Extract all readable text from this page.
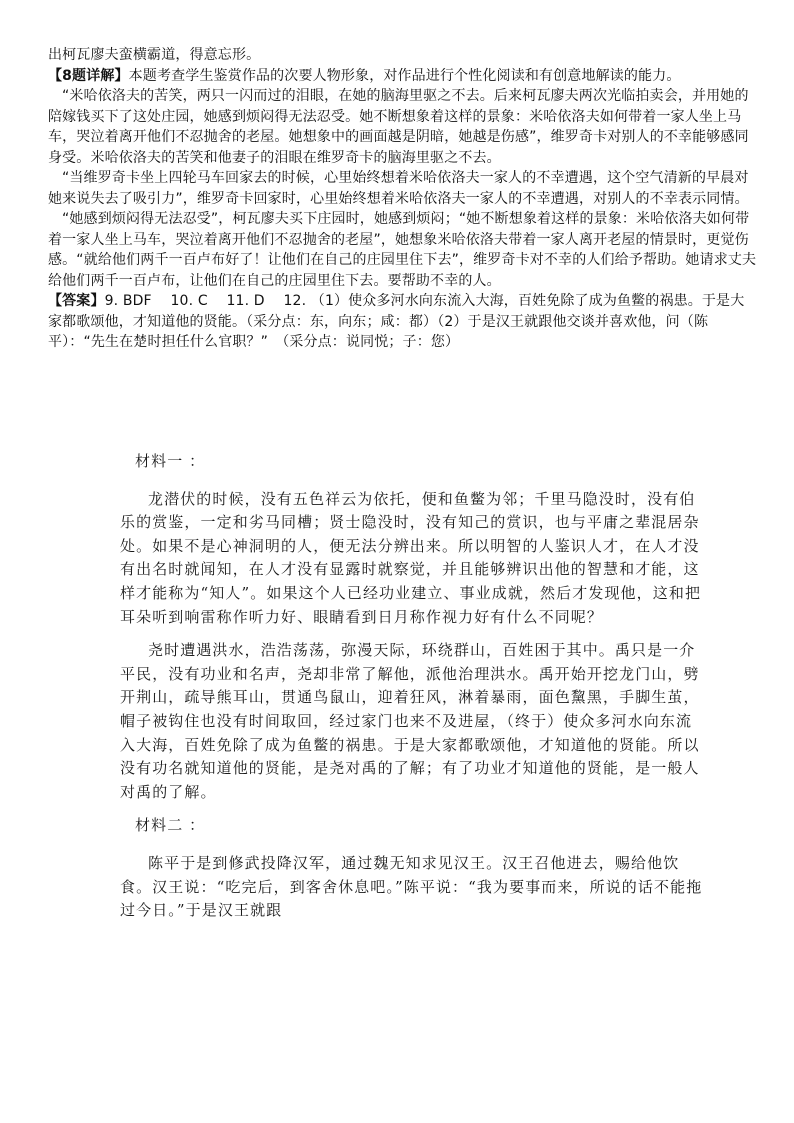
出柯瓦廖夫蛮横霸道，得意忘形。

【8题详解】本题考查学生鉴赏作品的次要人物形象，对作品进行个性化阅读和有创意地解读的能力。

“米哈依洛夫的苦笑，两只一闪而过的泪眼，在她的脑海里驱之不去。后来柯瓦廖夫两次光临拍卖会，并用她的陪嫁钱买下了这处庄园，她感到烦闷得无法忍受。她不断想象着这样的景象：米哈依洛夫如何带着一家人坐上马车，哭泣着离开他们不忍抛舍的老屋。她想象中的画面越是阴暗，她越是伤感”，维罗奇卡对别人的不幸能够感同身受。米哈依洛夫的苦笑和他妻子的泪眼在维罗奇卡的脑海里驱之不去。

“当维罗奇卡坐上四轮马车回家去的时候，心里始终想着米哈依洛夫一家人的不幸遭遇，这个空气清新的早晨对她来说失去了吸引力”，维罗奇卡回家时，心里始终想着米哈依洛夫一家人的不幸遭遇，对别人的不幸表示同情。

“她感到烦闷得无法忍受”，柯瓦廖夫买下庄园时，她感到烦闷；“她不断想象着这样的景象：米哈依洛夫如何带着一家人坐上马车，哭泣着离开他们不忍抛舍的老屋”，她想象米哈依洛夫带着一家人离开老屋的情景时，更觉伤感。“就给他们两千一百卢布好了！让他们在自己的庄园里住下去”，维罗奇卡对不幸的人们给予帮助。她请求丈夫给他们两千一百卢布，让他们在自己的庄园里住下去。要帮助不幸的人。

【答案】9. BDF　 10. C　 11. D　 12. （1）使众多河水向东流入大海，百姓免除了成为鱼鳖的祸患。于是大家都歌颂他，才知道他的贤能。（采分点：东，向东；咸：都）（2）于是汉王就跟他交谈并喜欢他，问（陈平）：“先生在楚时担任什么官职？”　（采分点：说同悦；子：您）

材料一 ：

龙潜伏的时候，没有五色祥云为依托，便和鱼鳖为邻；千里马隐没时，没有伯乐的赏鉴，一定和劣马同槽；贤士隐没时，没有知己的赏识，也与平庸之辈混居杂处。如果不是心神洞明的人，便无法分辨出来。所以明智的人鉴识人才，在人才没有出名时就闻知，在人才没有显露时就察觉，并且能够辨识出他的智慧和才能，这样才能称为“知人”。如果这个人已经功业建立、事业成就，然后才发现他，这和把耳朵听到响雷称作听力好、眼睛看到日月称作视力好有什么不同呢？

尧时遭遇洪水，浩浩荡荡，弥漫天际，环绕群山，百姓困于其中。禹只是一介平民，没有功业和名声，尧却非常了解他，派他治理洪水。禹开始开挖龙门山，劈开荆山，疏导熊耳山，贯通鸟鼠山，迎着狂风，淋着暴雨，面色黧黑，手脚生茧，帽子被钩住也没有时间取回，经过家门也来不及进屋，（终于）使众多河水向东流入大海，百姓免除了成为鱼鳖的祸患。于是大家都歌颂他，才知道他的贤能。所以没有功名就知道他的贤能，是尧对禹的了解；有了功业才知道他的贤能，是一般人对禹的了解。

材料二 ：

陈平于是到修武投降汉军，通过魏无知求见汉王。汉王召他进去，赐给他饮食。汉王说：“吃完后，到客舍休息吧。”陈平说：“我为要事而来，所说的话不能拖过今日。”于是汉王就跟
